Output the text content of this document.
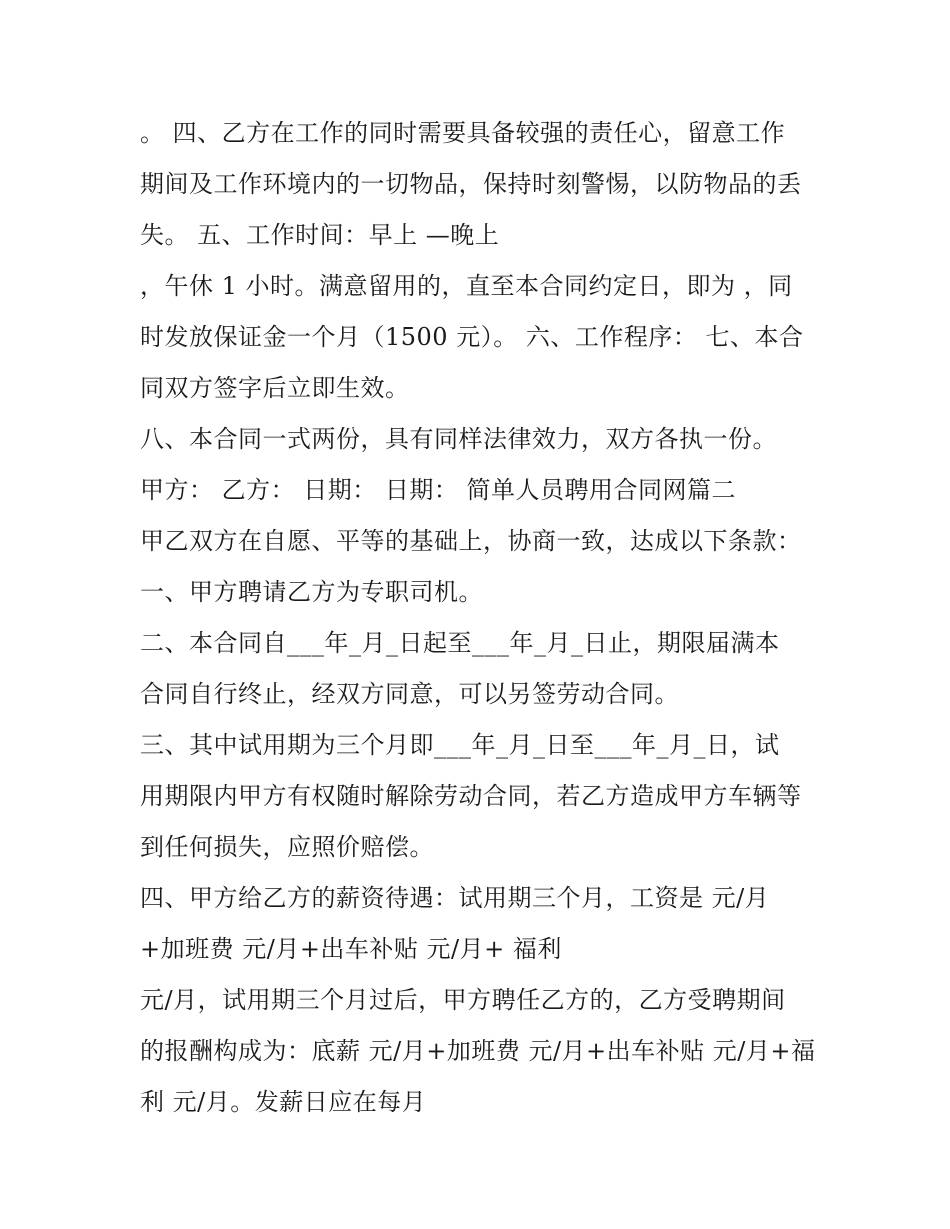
。 四、乙方在工作的同时需要具备较强的责任心，留意工作
期间及工作环境内的一切物品，保持时刻警惕，以防物品的丢
失。 五、工作时间：早上 —晚上
，午休 1 小时。满意留用的，直至本合同约定日，即为 ，同
时发放保证金一个月（1500 元）。 六、工作程序： 七、本合
同双方签字后立即生效。
八、本合同一式两份，具有同样法律效力，双方各执一份。
甲方： 乙方： 日期： 日期： 简单人员聘用合同网篇二
甲乙双方在自愿、平等的基础上，协商一致，达成以下条款：
一、甲方聘请乙方为专职司机。
二、本合同自___年_月_日起至___年_月_日止，期限届满本
合同自行终止，经双方同意，可以另签劳动合同。
三、其中试用期为三个月即___年_月_日至___年_月_日，试
用期限内甲方有权随时解除劳动合同，若乙方造成甲方车辆等
到任何损失，应照价赔偿。
四、甲方给乙方的薪资待遇：试用期三个月，工资是 元/月
+加班费 元/月+出车补贴 元/月+ 福利
元/月，试用期三个月过后，甲方聘任乙方的，乙方受聘期间
的报酬构成为：底薪 元/月+加班费 元/月+出车补贴 元/月+福
利 元/月。发薪日应在每月
